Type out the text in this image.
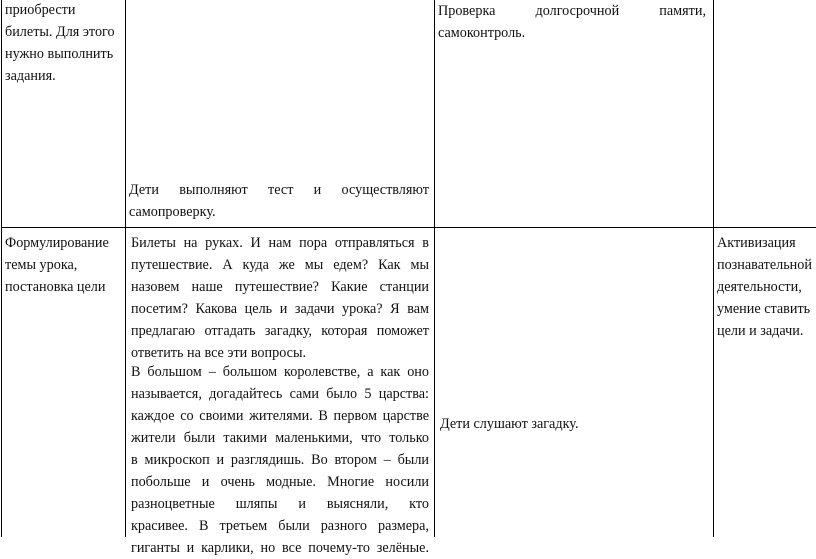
приобрести

билеты. Для этого

нужно выполнить

задания.

Дети выполняют тест и осуществляют

самопроверку.

Проверка долгосрочной памяти,

самоконтроль.

Формулирование

темы урока,

постановка цели

Билеты на руках. И нам пора отправляться в

путешествие. А куда же мы едем? Как мы

назовем наше путешествие? Какие станции

посетим? Какова цель и задачи урока? Я вам

предлагаю отгадать загадку, которая поможет

ответить на все эти вопросы.

В большом – большом королевстве, а как оно

называется, догадайтесь сами было 5 царства:

каждое со своими жителями. В первом царстве

жители были такими маленькими, что только

в микроскоп и разглядишь. Во втором – были

побольше и очень модные. Многие носили

разноцветные шляпы и выясняли, кто

красивее. В третьем были разного размера,

гиганты и карлики, но все почему-то зелёные.

Дети слушают загадку.

Активизация

познавательной

деятельности,

умение ставить

цели и задачи.
